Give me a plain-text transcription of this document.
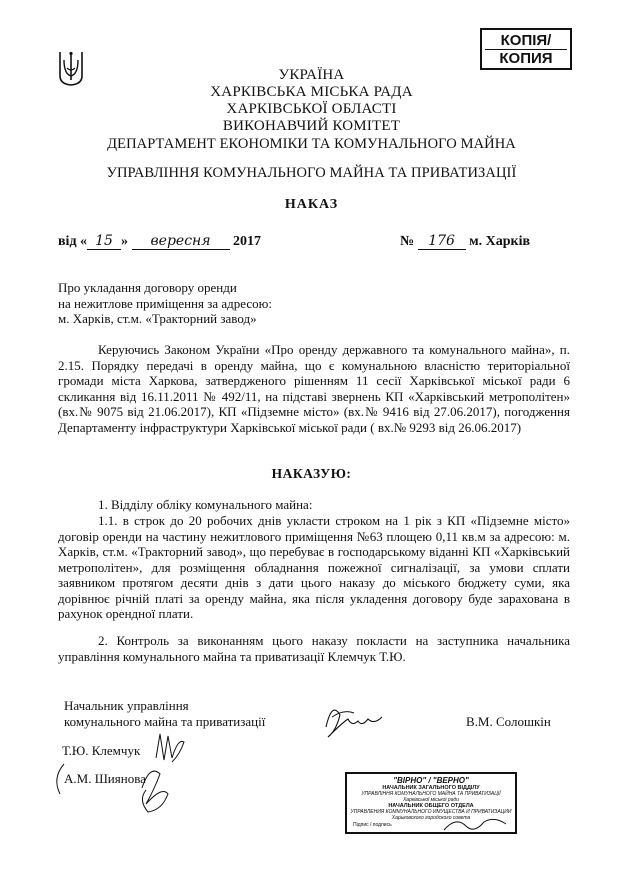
КОПІЯ/
КОПИЯ
УКРАЇНА
ХАРКІВСЬКА МІСЬКА РАДА
ХАРКІВСЬКОЇ ОБЛАСТІ
ВИКОНАВЧИЙ КОМІТЕТ
ДЕПАРТАМЕНТ ЕКОНОМІКИ ТА КОМУНАЛЬНОГО МАЙНА
УПРАВЛІННЯ КОМУНАЛЬНОГО МАЙНА ТА ПРИВАТИЗАЦІЇ
НАКАЗ
від « 15 » вересня 2017	№ 176 м. Харків
Про укладання договору оренди
на нежитлове приміщення за адресою:
м. Харків, ст.м. «Тракторний завод»
Керуючись Законом України «Про оренду державного та комунального майна», п. 2.15. Порядку передачі в оренду майна, що є комунальною власністю територіальної громади міста Харкова, затвердженого рішенням 11 сесії Харківської міської ради 6 скликання від 16.11.2011 № 492/11, на підставі звернень КП «Харківський метрополітен» (вх.№ 9075 від 21.06.2017), КП «Підземне місто» (вх.№ 9416 від 27.06.2017), погодження Департаменту інфраструктури Харківської міської ради ( вх.№ 9293 від 26.06.2017)
НАКАЗУЮ:
1. Відділу обліку комунального майна:
1.1. в строк до 20 робочих днів укласти строком на 1 рік з КП «Підземне місто» договір оренди на частину нежитлового приміщення №63 площею 0,11 кв.м за адресою: м. Харків, ст.м. «Тракторний завод», що перебуває в господарському віданні КП «Харківський метрополітен», для розміщення обладнання пожежної сигналізації, за умови сплати заявником протягом десяти днів з дати цього наказу до міського бюджету суми, яка дорівнює річній платі за оренду майна, яка після укладення договору буде зарахована в рахунок орендної плати.
2. Контроль за виконанням цього наказу покласти на заступника начальника управління комунального майна та приватизації Клемчук Т.Ю.
Начальник управління
комунального майна та приватизації	В.М. Солошкін
Т.Ю. Клемчук
А.М. Шиянова	"ВІРНО" / "ВЕРНО"
НАЧАЛЬНИК ЗАГАЛЬНОГО ВІДДІЛУ
УПРАВЛІННЯ КОМУНАЛЬНОГО МАЙНА ТА ПРИВАТИЗАЦІЇ
Харківської міської ради
НАЧАЛЬНИК ОБЩЕГО ОТДЕЛА
УПРАВЛЕНИЯ КОММУНАЛЬНОГО ИМУЩЕСТВА И ПРИВАТИЗАЦИИ
Харьковского городского совета
Підпис / подпись
